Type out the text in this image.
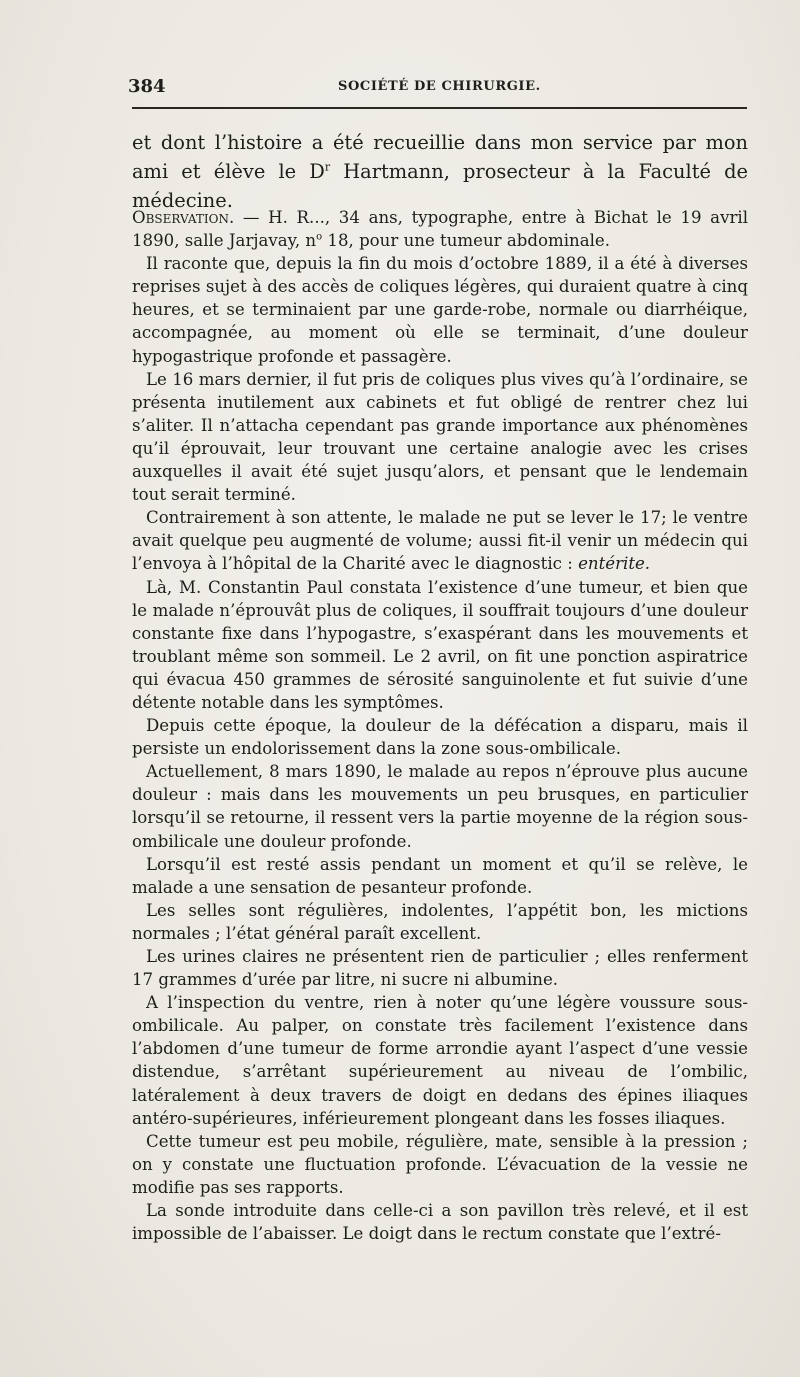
384	SOCIÉTÉ DE CHIRURGIE.
et dont l’histoire a été recueillie dans mon service par mon ami et élève le $D^r$ Hartmann, prosecteur à la Faculté de médecine.

Observation. — H. R..., 34 ans, typographe, entre à Bichat le 19 avril 1890, salle Jarjavay, $n^o$ 18, pour une tumeur abdominale.

Il raconte que, depuis la fin du mois d’octobre 1889, il a été à diverses reprises sujet à des accès de coliques légères, qui duraient quatre à cinq heures, et se terminaient par une garde-robe, normale ou diarrhéique, accompagnée, au moment où elle se terminait, d’une douleur hypogastrique profonde et passagère.

Le 16 mars dernier, il fut pris de coliques plus vives qu’à l’ordinaire, se présenta inutilement aux cabinets et fut obligé de rentrer chez lui s’aliter. Il n’attacha cependant pas grande importance aux phénomènes qu’il éprouvait, leur trouvant une certaine analogie avec les crises auxquelles il avait été sujet jusqu’alors, et pensant que le lendemain tout serait terminé.

Contrairement à son attente, le malade ne put se lever le 17; le ventre avait quelque peu augmenté de volume; aussi fit-il venir un médecin qui l’envoya à l’hôpital de la Charité avec le diagnostic : entérite.

Là, M. Constantin Paul constata l’existence d’une tumeur, et bien que le malade n’éprouvât plus de coliques, il souffrait toujours d’une douleur constante fixe dans l’hypogastre, s’exaspérant dans les mouvements et troublant même son sommeil. Le 2 avril, on fit une ponction aspiratrice qui évacua 450 grammes de sérosité sanguinolente et fut suivie d’une détente notable dans les symptômes.

Depuis cette époque, la douleur de la défécation a disparu, mais il persiste un endolorissement dans la zone sous-ombilicale.

Actuellement, 8 mars 1890, le malade au repos n’éprouve plus aucune douleur : mais dans les mouvements un peu brusques, en particulier lorsqu’il se retourne, il ressent vers la partie moyenne de la région sous-ombilicale une douleur profonde.

Lorsqu’il est resté assis pendant un moment et qu’il se relève, le malade a une sensation de pesanteur profonde.

Les selles sont régulières, indolentes, l’appétit bon, les mictions normales ; l’état général paraît excellent.

Les urines claires ne présentent rien de particulier ; elles renferment 17 grammes d’urée par litre, ni sucre ni albumine.

A l’inspection du ventre, rien à noter qu’une légère voussure sous-ombilicale. Au palper, on constate très facilement l’existence dans l’abdomen d’une tumeur de forme arrondie ayant l’aspect d’une vessie distendue, s’arrêtant supérieurement au niveau de l’ombilic, latéralement à deux travers de doigt en dedans des épines iliaques antéro-supérieures, inférieurement plongeant dans les fosses iliaques.

Cette tumeur est peu mobile, régulière, mate, sensible à la pression ; on y constate une fluctuation profonde. L’évacuation de la vessie ne modifie pas ses rapports.

La sonde introduite dans celle-ci a son pavillon très relevé, et il est impossible de l’abaisser. Le doigt dans le rectum constate que l’extré-
